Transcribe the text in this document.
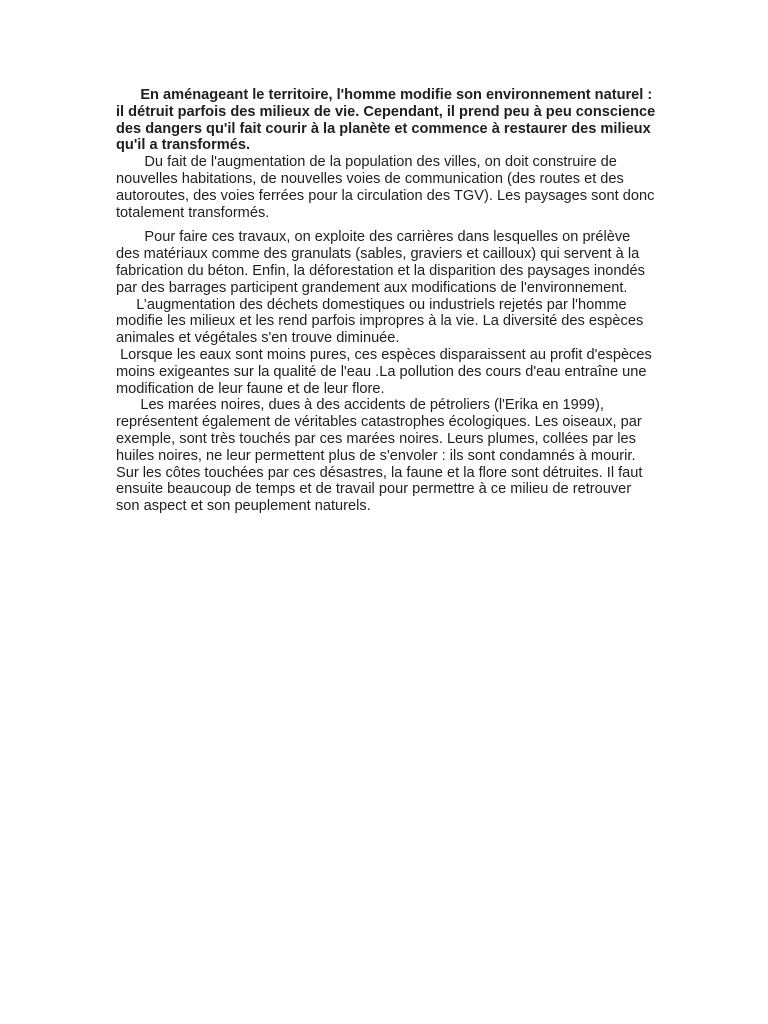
En aménageant le territoire, l'homme modifie son environnement naturel : il détruit parfois des milieux de vie. Cependant, il prend peu à peu conscience des dangers qu'il fait courir à la planète et commence à restaurer des milieux qu'il a transformés.

Du fait de l'augmentation de la population des villes, on doit construire de nouvelles habitations, de nouvelles voies de communication (des routes et des autoroutes, des voies ferrées pour la circulation des TGV). Les paysages sont donc totalement transformés.

Pour faire ces travaux, on exploite des carrières dans lesquelles on prélève des matériaux comme des granulats (sables, graviers et cailloux) qui servent à la fabrication du béton. Enfin, la déforestation et la disparition des paysages inondés par des barrages participent grandement aux modifications de l'environnement.

L’augmentation des déchets domestiques ou industriels rejetés par l'homme modifie les milieux et les rend parfois impropres à la vie. La diversité des espèces animales et végétales s'en trouve diminuée.

Lorsque les eaux sont moins pures, ces espèces disparaissent au profit d'espèces moins exigeantes sur la qualité de l'eau .La pollution des cours d'eau entraîne une modification de leur faune et de leur flore.

Les marées noires, dues à des accidents de pétroliers (l'Erika en 1999), représentent également de véritables catastrophes écologiques. Les oiseaux, par exemple, sont très touchés par ces marées noires. Leurs plumes, collées par les huiles noires, ne leur permettent plus de s'envoler : ils sont condamnés à mourir. Sur les côtes touchées par ces désastres, la faune et la flore sont détruites. Il faut ensuite beaucoup de temps et de travail pour permettre à ce milieu de retrouver son aspect et son peuplement naturels.
